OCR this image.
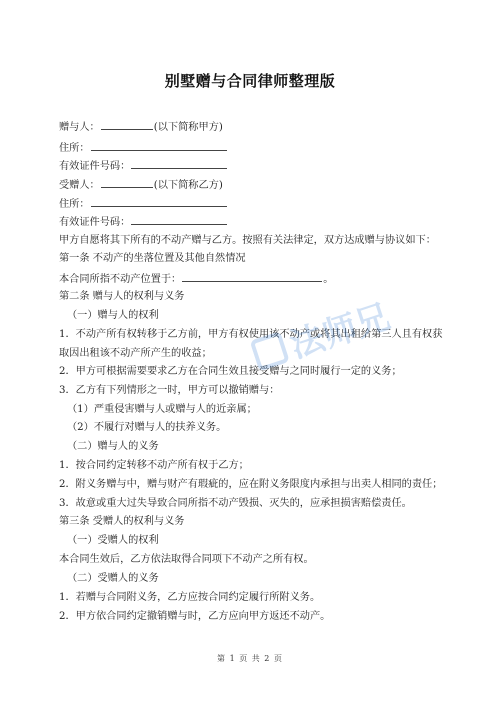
别墅赠与合同律师整理版
赠与人：	(以下简称甲方)
住所：
有效证件号码：
受赠人：	(以下简称乙方)
住所：
有效证件号码：
甲方自愿将其下所有的不动产赠与乙方。按照有关法律定，双方达成赠与协议如下：
第一条 不动产的坐落位置及其他自然情况
本合同所指不动产位置于：	。
第二条 赠与人的权利与义务
（一）赠与人的权利
1．不动产所有权转移于乙方前，甲方有权使用该不动产或将其出租给第三人且有权获
取因出租该不动产所产生的收益；
2．甲方可根据需要要求乙方在合同生效且接受赠与之同时履行一定的义务；
3．乙方有下列情形之一时，甲方可以撤销赠与：
（1）严重侵害赠与人或赠与人的近亲属；
（2）不履行对赠与人的扶养义务。
（二）赠与人的义务
1．按合同约定转移不动产所有权于乙方；
2．附义务赠与中，赠与财产有瑕疵的，应在附义务限度内承担与出卖人相同的责任；
3．故意或重大过失导致合同所指不动产毁损、灭失的，应承担损害赔偿责任。
第三条 受赠人的权利与义务
（一）受赠人的权利
本合同生效后，乙方依法取得合同项下不动产之所有权。
（二）受赠人的义务
1．若赠与合同附义务，乙方应按合同约定履行所附义务。
2．甲方依合同约定撤销赠与时，乙方应向甲方返还不动产。
法师兄
第 1 页 共 2 页
